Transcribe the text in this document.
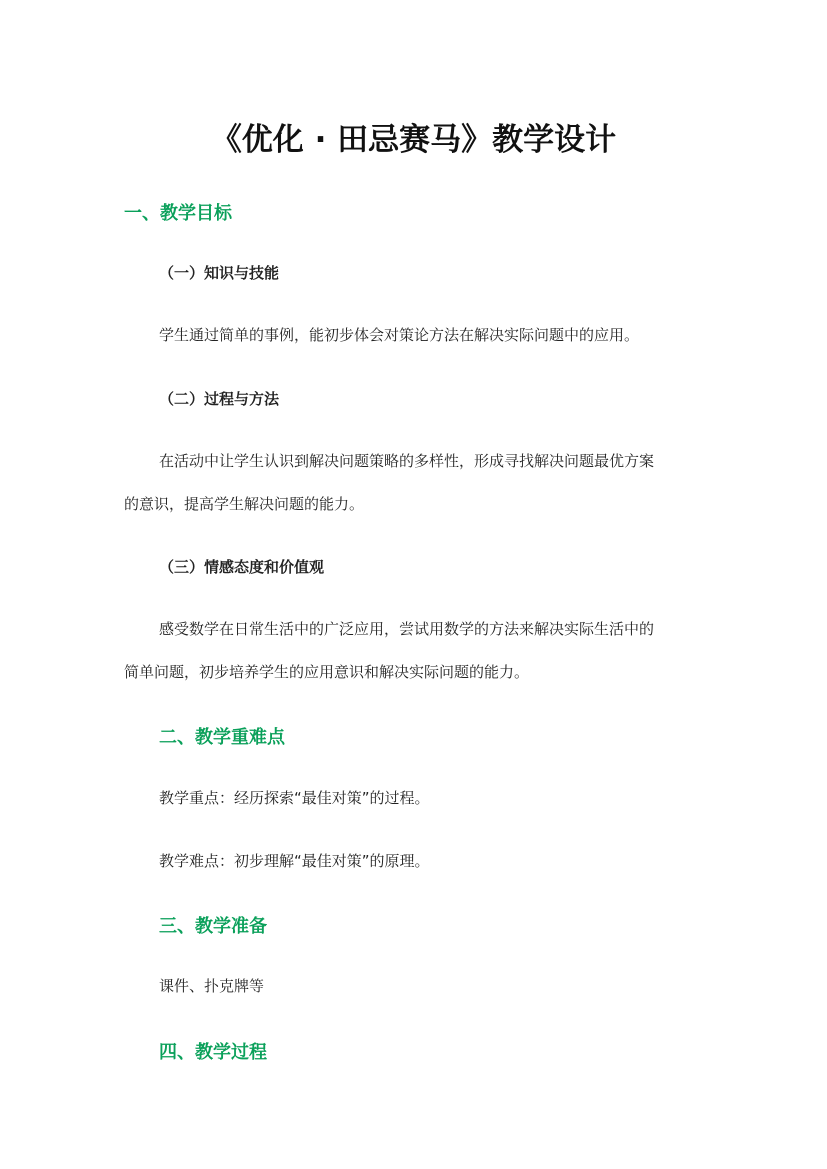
《优化 · 田忌赛马》教学设计
一、教学目标
（一）知识与技能
学生通过简单的事例，能初步体会对策论方法在解决实际问题中的应用。
（二）过程与方法
在活动中让学生认识到解决问题策略的多样性，形成寻找解决问题最优方案
的意识，提高学生解决问题的能力。
（三）情感态度和价值观
感受数学在日常生活中的广泛应用，尝试用数学的方法来解决实际生活中的
简单问题，初步培养学生的应用意识和解决实际问题的能力。
二、教学重难点
教学重点：经历探索“最佳对策”的过程。
教学难点：初步理解“最佳对策”的原理。
三、教学准备
课件、扑克牌等
四、教学过程
